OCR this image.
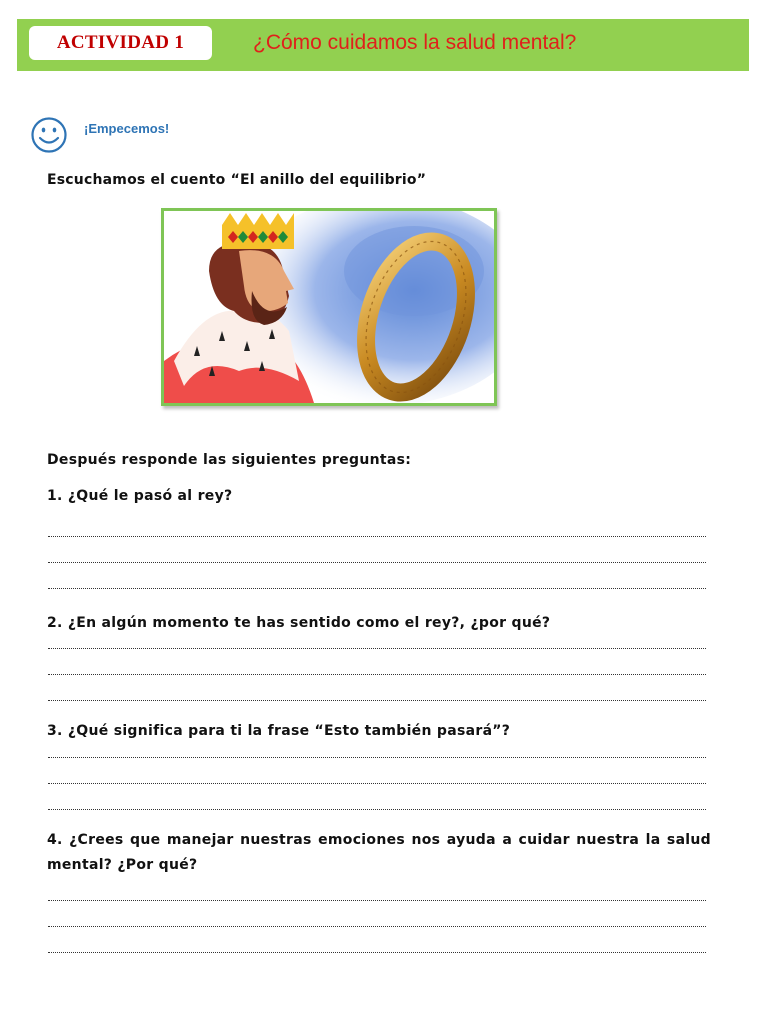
ACTIVIDAD 1	¿Cómo cuidamos la salud mental?
¡Empecemos!
Escuchamos el cuento “El anillo del equilibrio”
Después responde las siguientes preguntas:
1. ¿Qué le pasó al rey?
2. ¿En algún momento te has sentido como el rey?, ¿por qué?
3. ¿Qué significa para ti la frase “Esto también pasará”?
4. ¿Crees que manejar nuestras emociones nos ayuda a cuidar nuestra la salud mental? ¿Por qué?
